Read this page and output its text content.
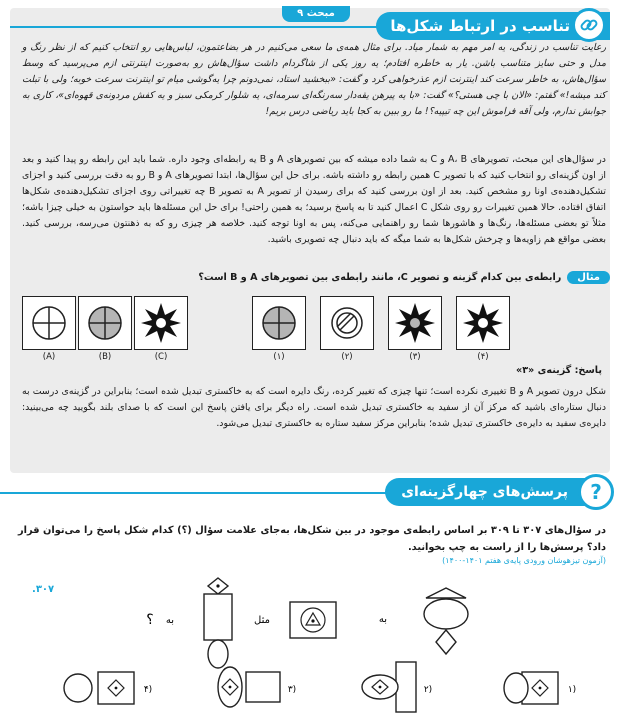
مبحث ۹
تناسب در ارتباط شکل‌ها
رعایت تناسب در زندگی، یه امر مهم به شمار میاد. برای مثال همه‌ی ما سعی می‌کنیم در هر بضاعتمون، لباس‌هایی رو انتخاب کنیم که از نظر رنگ و مدل و حتی سایز متناسب باشن. یار به خاطره افتادم؛ یه روز یکی از شاگردام داشت سؤال‌هاش رو به‌صورت اینترنتی ازم می‌پرسید که وسط سؤال‌هاش، به خاطر سرعت کند اینترنت ازم عذرخواهی کرد و گفت: «ببخشید استاد، نمی‌دونم چرا یه‌گوشی میام تو اینترنت سرعت خوبه؛ ولی با تبلت کند میشه!» گفتم: «الان با چی هستی؟» گفت: «با یه پیرهن یقه‌دار سه‌رنگه‌ای سرمه‌ای، یه شلوار کرمکی سبز و یه کفش مردونه‌ی قهوه‌ای»، کاری به جوابش ندارم، ولی آقه فراموش این چه تیپیه؟! ما رو ببین به کجا باید ریاضی درس بریم!
در سؤال‌های این مبحث، تصویرهای A، B و C به شما داده میشه که بین تصویرهای A و B یه رابطه‌ای وجود داره. شما باید این رابطه رو پیدا کنید و بعد از اون گزینه‌ای رو انتخاب کنید که با تصویر C همین رابطه رو داشته باشه. برای حل این سؤال‌ها، ابتدا تصویرهای A و B رو به دقت بررسی کنید و اجزای تشکیل‌دهنده‌ی اونا رو مشخص کنید. بعد از اون بررسی کنید که برای رسیدن از تصویر A به تصویر B چه تغییراتی روی اجزای تشکیل‌دهنده‌ی شکل‌ها اتفاق افتاده. حالا همین تغییرات رو روی شکل C اعمال کنید تا به پاسخ برسید؛ به همین راحتی! برای حل این مسئله‌ها باید حواستون به خیلی چیزا باشه؛ مثلاً تو بعضی مسئله‌ها، رنگ‌ها و هاشورها شما رو راهنمایی می‌کنه، پس به اونا توجه کنید. خلاصه هر چیزی رو که به ذهنتون می‌رسه، بررسی کنید. بعضی مواقع هم زاویه‌ها و چرخش شکل‌ها به شما میگه که باید دنبال چه تصویری باشید.
مثال
رابطه‌ی بین کدام گزینه و تصویر C، مانند رابطه‌ی بین تصویرهای A و B است؟
(A)	(B)	(C)	(۱)	(۲)	(۳)	(۴)
پاسخ: گزینه‌ی «۳»
شکل درون تصویر A و B تغییری نکرده است؛ تنها چیزی که تغییر کرده، رنگ دایره است که به خاکستری تبدیل شده است؛ بنابراین در گزینه‌ی درست به دنبال ستاره‌ای باشید که مرکز آن از سفید به خاکستری تبدیل شده است. راه دیگر برای یافتن پاسخ این است که با صدای بلند بگویید چه می‌بینید: دایره‌ی سفید به دایره‌ی خاکستری تبدیل شده؛ بنابراین مرکز سفید ستاره به خاکستری تبدیل می‌شود.
پرسش‌های چهارگزینه‌ای	?
در سؤال‌های ۳۰۷ تا ۳۰۹ بر اساس رابطه‌ی موجود در بین شکل‌ها، به‌جای علامت سؤال (؟) کدام شکل پاسخ را می‌توان قرار داد؟ پرسش‌ها را از راست به چپ بخوانید.
(آزمون تیزهوشان ورودی پایه‌ی هفتم ۱۴۰۱-۱۴۰۰)
۳۰۷.
به
مثل
به
؟
(۱
(۲
(۳
(۴
